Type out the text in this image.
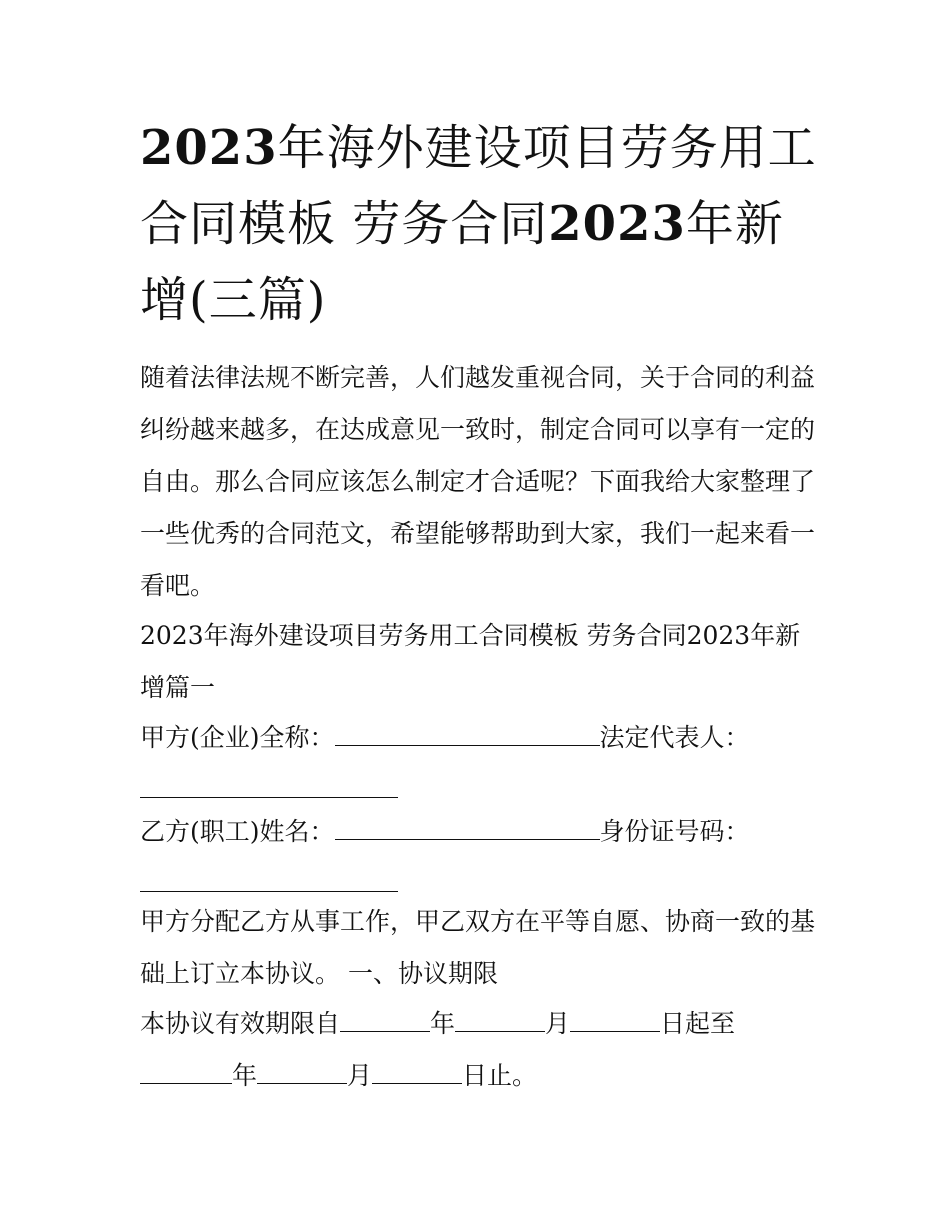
2023年海外建设项目劳务用工合同模板 劳务合同2023年新增(三篇)

随着法律法规不断完善，人们越发重视合同，关于合同的利益纠纷越来越多，在达成意见一致时，制定合同可以享有一定的自由。那么合同应该怎么制定才合适呢？下面我给大家整理了一些优秀的合同范文，希望能够帮助到大家，我们一起来看一看吧。

2023年海外建设项目劳务用工合同模板 劳务合同2023年新增篇一

甲方(企业)全称：	法定代表人：

乙方(职工)姓名：	身份证号码：

甲方分配乙方从事工作，甲乙双方在平等自愿、协商一致的基础上订立本协议。 一、协议期限

本协议有效期限自	年	月	日起至
年	月	日止。
